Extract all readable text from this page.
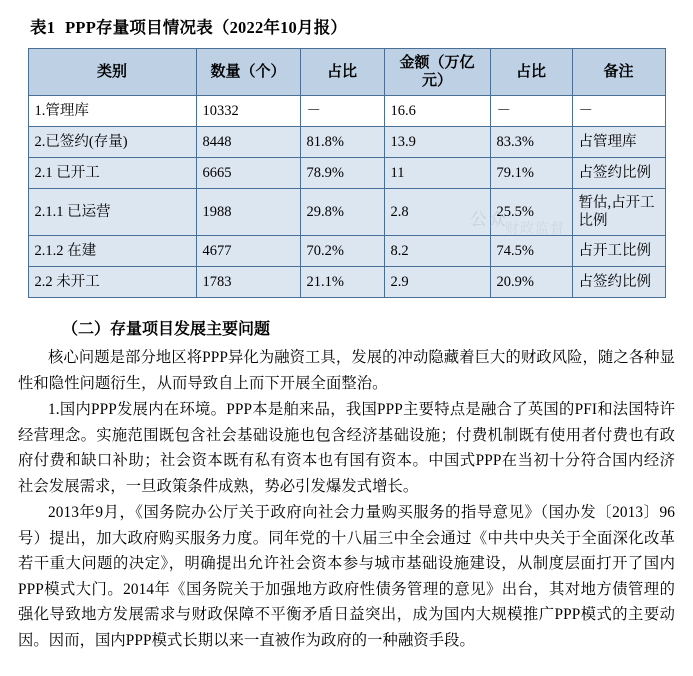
表1 PPP存量项目情况表（2022年10月报）
类别	数量（个）	占比	金额（万亿元）	占比	备注
1.管理库	10332	－	16.6	－	－
2.已签约(存量)	8448	81.8%	13.9	83.3%	占管理库
2.1 已开工	6665	78.9%	11	79.1%	占签约比例
2.1.1 已运营	1988	29.8%	2.8	25.5%	暂估,占开工比例
2.1.2 在建	4677	70.2%	8.2	74.5%	占开工比例
2.2 未开工	1783	21.1%	2.9	20.9%	占签约比例
（二）存量项目发展主要问题

核心问题是部分地区将PPP异化为融资工具，发展的冲动隐藏着巨大的财政风险，随之各种显性和隐性问题衍生，从而导致自上而下开展全面整治。

1.国内PPP发展内在环境。PPP本是舶来品，我国PPP主要特点是融合了英国的PFI和法国特许经营理念。实施范围既包含社会基础设施也包含经济基础设施；付费机制既有使用者付费也有政府付费和缺口补助；社会资本既有私有资本也有国有资本。中国式PPP在当初十分符合国内经济社会发展需求，一旦政策条件成熟，势必引发爆发式增长。

2013年9月，《国务院办公厅关于政府向社会力量购买服务的指导意见》（国办发〔2013〕96号）提出，加大政府购买服务力度。同年党的十八届三中全会通过《中共中央关于全面深化改革若干重大问题的决定》，明确提出允许社会资本参与城市基础设施建设，从制度层面打开了国内PPP模式大门。2014年《国务院关于加强地方政府性债务管理的意见》出台，其对地方债管理的强化导致地方发展需求与财政保障不平衡矛盾日益突出，成为国内大规模推广PPP模式的主要动因。因而，国内PPP模式长期以来一直被作为政府的一种融资手段。

公众
财政监督
